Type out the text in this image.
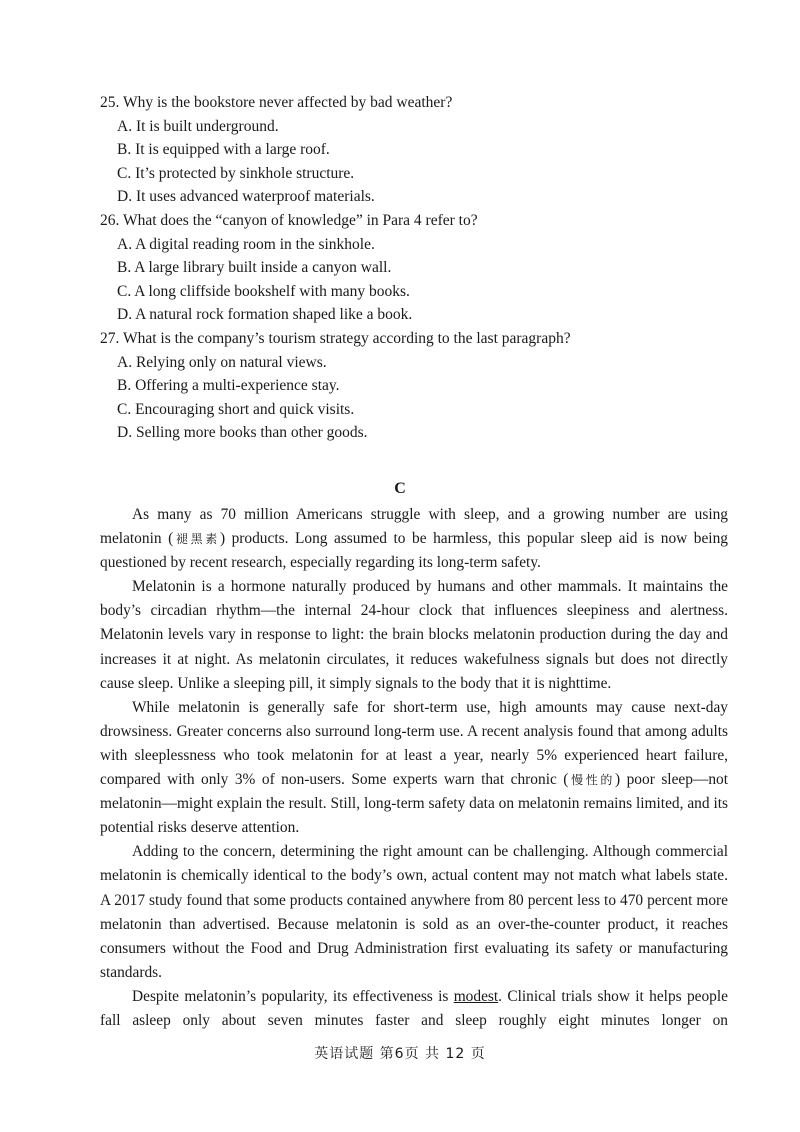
25. Why is the bookstore never affected by bad weather?
A. It is built underground.
B. It is equipped with a large roof.
C. It’s protected by sinkhole structure.
D. It uses advanced waterproof materials.
26. What does the “canyon of knowledge” in Para 4 refer to?
A. A digital reading room in the sinkhole.
B. A large library built inside a canyon wall.
C. A long cliffside bookshelf with many books.
D. A natural rock formation shaped like a book.
27. What is the company’s tourism strategy according to the last paragraph?
A. Relying only on natural views.
B. Offering a multi-experience stay.
C. Encouraging short and quick visits.
D. Selling more books than other goods.
C

As many as 70 million Americans struggle with sleep, and a growing number are using melatonin (褪黑素) products. Long assumed to be harmless, this popular sleep aid is now being questioned by recent research, especially regarding its long-term safety.

Melatonin is a hormone naturally produced by humans and other mammals. It maintains the body’s circadian rhythm—the internal 24-hour clock that influences sleepiness and alertness. Melatonin levels vary in response to light: the brain blocks melatonin production during the day and increases it at night. As melatonin circulates, it reduces wakefulness signals but does not directly cause sleep. Unlike a sleeping pill, it simply signals to the body that it is nighttime.

While melatonin is generally safe for short-term use, high amounts may cause next-day drowsiness. Greater concerns also surround long-term use. A recent analysis found that among adults with sleeplessness who took melatonin for at least a year, nearly 5% experienced heart failure, compared with only 3% of non-users. Some experts warn that chronic (慢性的) poor sleep—not melatonin—might explain the result. Still, long-term safety data on melatonin remains limited, and its potential risks deserve attention.

Adding to the concern, determining the right amount can be challenging. Although commercial melatonin is chemically identical to the body’s own, actual content may not match what labels state. A 2017 study found that some products contained anywhere from 80 percent less to 470 percent more melatonin than advertised. Because melatonin is sold as an over-the-counter product, it reaches consumers without the Food and Drug Administration first evaluating its safety or manufacturing standards.

Despite melatonin’s popularity, its effectiveness is modest. Clinical trials show it helps people fall asleep only about seven minutes faster and sleep roughly eight minutes longer on

英语试题 第6页 共 12 页
